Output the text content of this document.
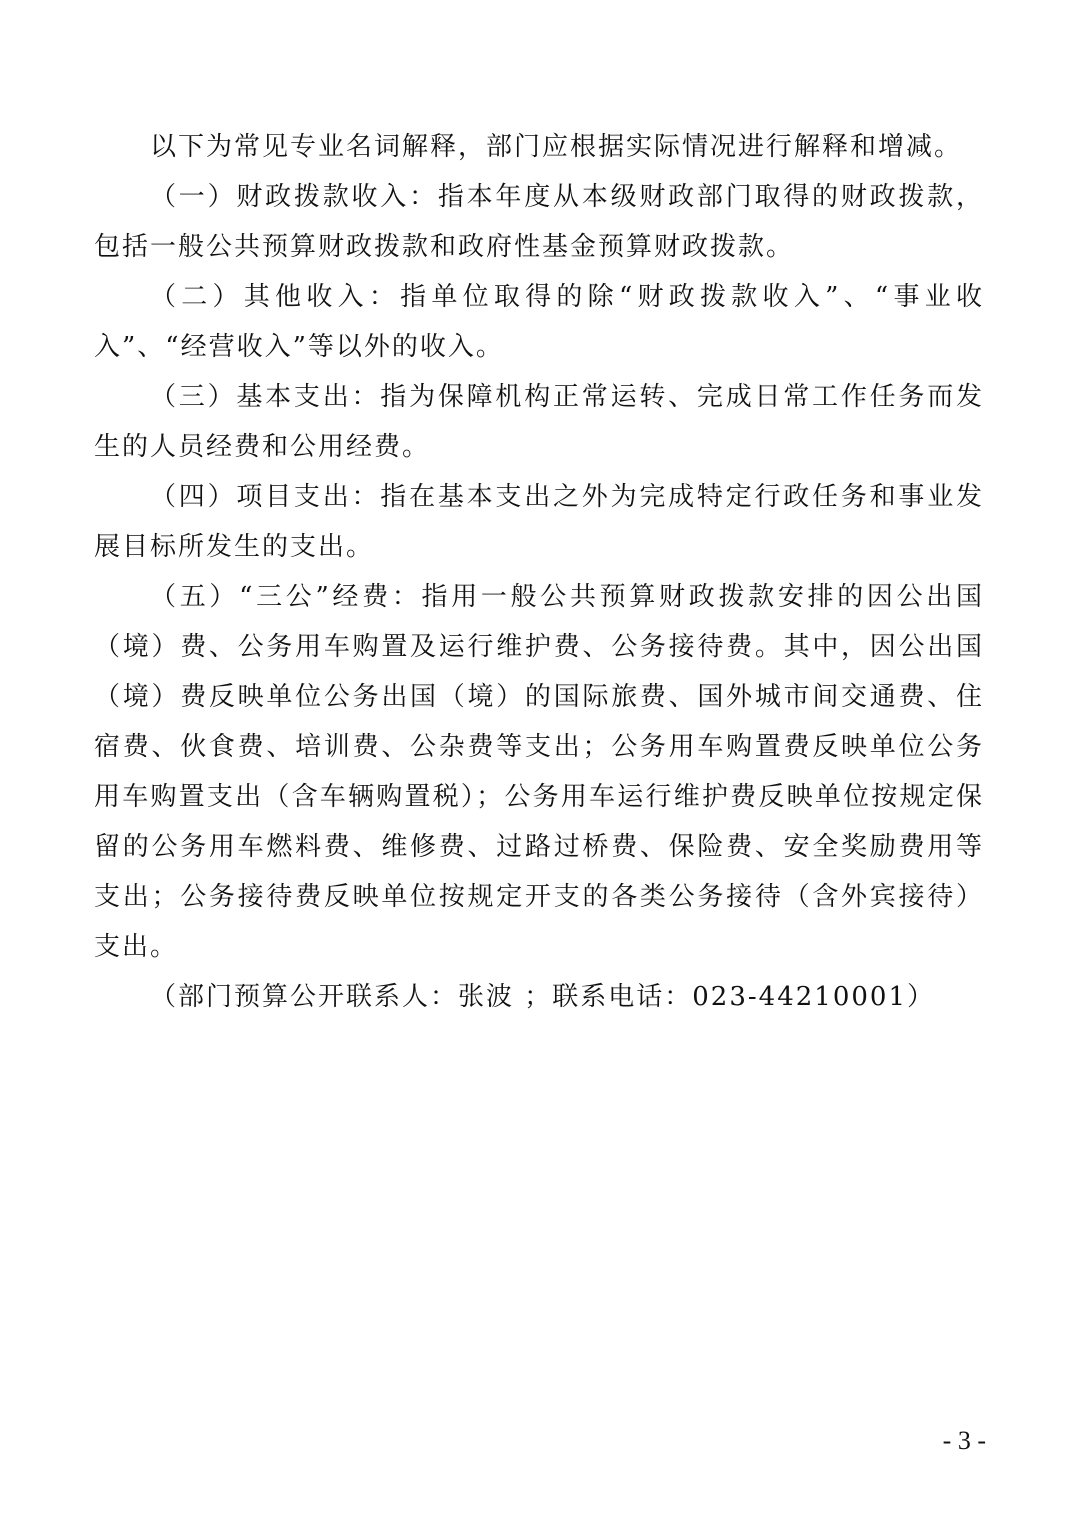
以下为常见专业名词解释，部门应根据实际情况进行解释和增减。

（一）财政拨款收入：指本年度从本级财政部门取得的财政拨款，包括一般公共预算财政拨款和政府性基金预算财政拨款。

（二）其他收入：指单位取得的除“财政拨款收入”、“事业收入”、“经营收入”等以外的收入。

（三）基本支出：指为保障机构正常运转、完成日常工作任务而发生的人员经费和公用经费。

（四）项目支出：指在基本支出之外为完成特定行政任务和事业发展目标所发生的支出。

（五）“三公”经费：指用一般公共预算财政拨款安排的因公出国（境）费、公务用车购置及运行维护费、公务接待费。其中，因公出国（境）费反映单位公务出国（境）的国际旅费、国外城市间交通费、住宿费、伙食费、培训费、公杂费等支出；公务用车购置费反映单位公务用车购置支出（含车辆购置税）；公务用车运行维护费反映单位按规定保留的公务用车燃料费、维修费、过路过桥费、保险费、安全奖励费用等支出；公务接待费反映单位按规定开支的各类公务接待（含外宾接待）支出。

（部门预算公开联系人：张波 ；联系电话：023-44210001）

- 3 -
